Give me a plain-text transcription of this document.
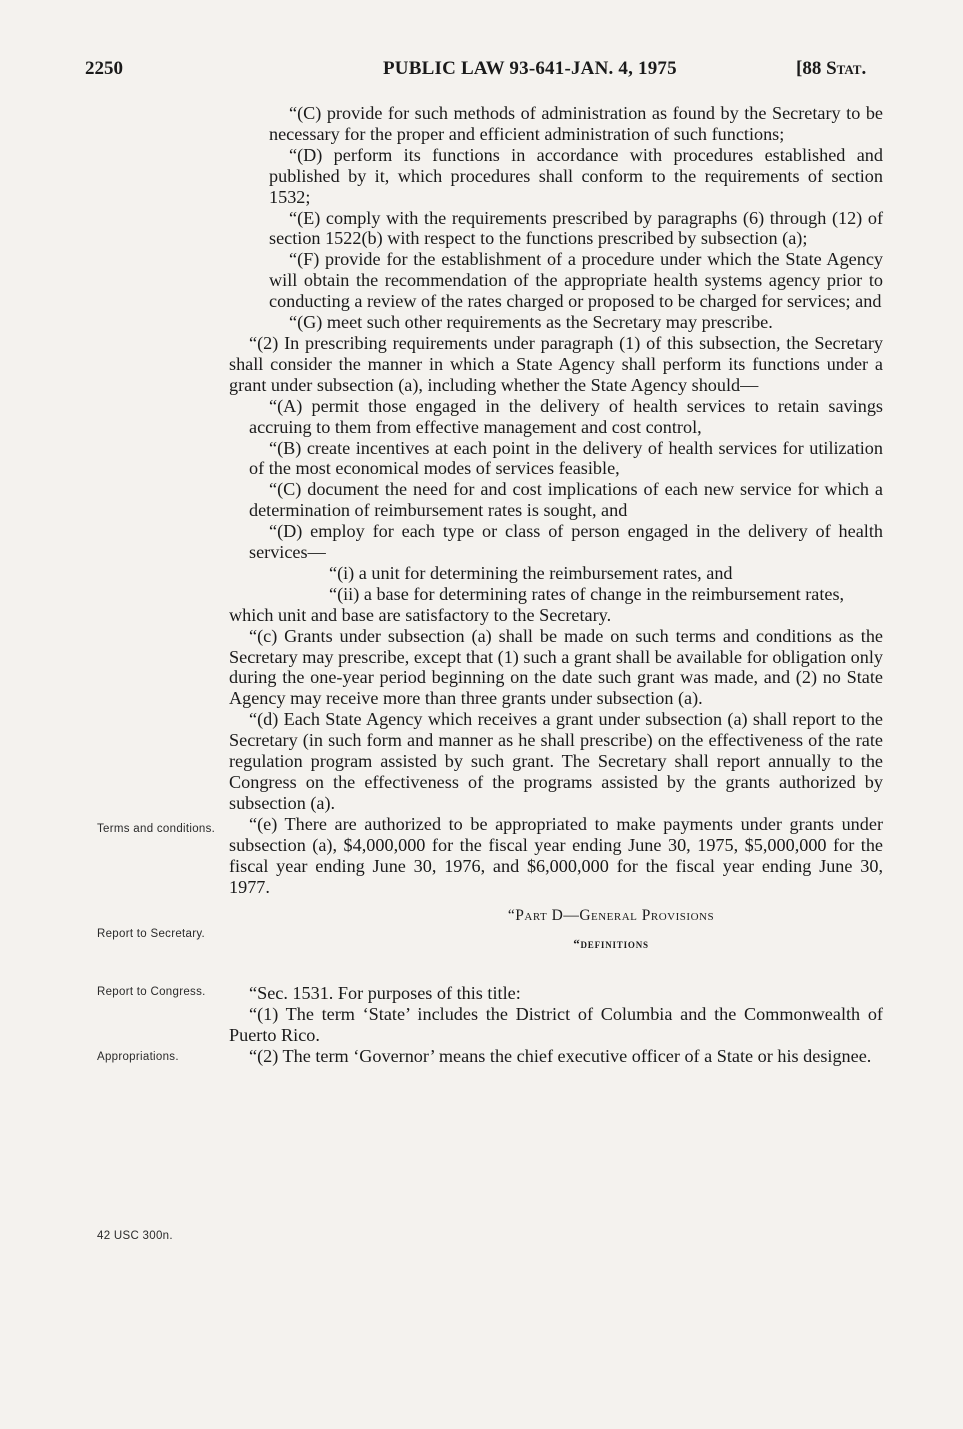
2250	PUBLIC LAW 93-641-JAN. 4, 1975	[88 Stat.
Terms and conditions.
Report to Secretary.
Report to Congress.
Appropriations.
42 USC 300n.

“(C) provide for such methods of administration as found by the Secretary to be necessary for the proper and efficient administration of such functions;

“(D) perform its functions in accordance with procedures established and published by it, which procedures shall conform to the requirements of section 1532;

“(E) comply with the requirements prescribed by paragraphs (6) through (12) of section 1522(b) with respect to the functions prescribed by subsection (a);

“(F) provide for the establishment of a procedure under which the State Agency will obtain the recommendation of the appropriate health systems agency prior to conducting a review of the rates charged or proposed to be charged for services; and

“(G) meet such other requirements as the Secretary may prescribe.

“(2) In prescribing requirements under paragraph (1) of this subsection, the Secretary shall consider the manner in which a State Agency shall perform its functions under a grant under subsection (a), including whether the State Agency should—

“(A) permit those engaged in the delivery of health services to retain savings accruing to them from effective management and cost control,

“(B) create incentives at each point in the delivery of health services for utilization of the most economical modes of services feasible,

“(C) document the need for and cost implications of each new service for which a determination of reimbursement rates is sought, and

“(D) employ for each type or class of person engaged in the delivery of health services—

“(i) a unit for determining the reimbursement rates, and

“(ii) a base for determining rates of change in the reimbursement rates,

which unit and base are satisfactory to the Secretary.

“(c) Grants under subsection (a) shall be made on such terms and conditions as the Secretary may prescribe, except that (1) such a grant shall be available for obligation only during the one-year period beginning on the date such grant was made, and (2) no State Agency may receive more than three grants under subsection (a).

“(d) Each State Agency which receives a grant under subsection (a) shall report to the Secretary (in such form and manner as he shall prescribe) on the effectiveness of the rate regulation program assisted by such grant. The Secretary shall report annually to the Congress on the effectiveness of the programs assisted by the grants authorized by subsection (a).

“(e) There are authorized to be appropriated to make payments under grants under subsection (a), $4,000,000 for the fiscal year ending June 30, 1975, $5,000,000 for the fiscal year ending June 30, 1976, and $6,000,000 for the fiscal year ending June 30, 1977.

“Part D—General Provisions

“definitions

“Sec. 1531. For purposes of this title:

“(1) The term ‘State’ includes the District of Columbia and the Commonwealth of Puerto Rico.

“(2) The term ‘Governor’ means the chief executive officer of a State or his designee.
